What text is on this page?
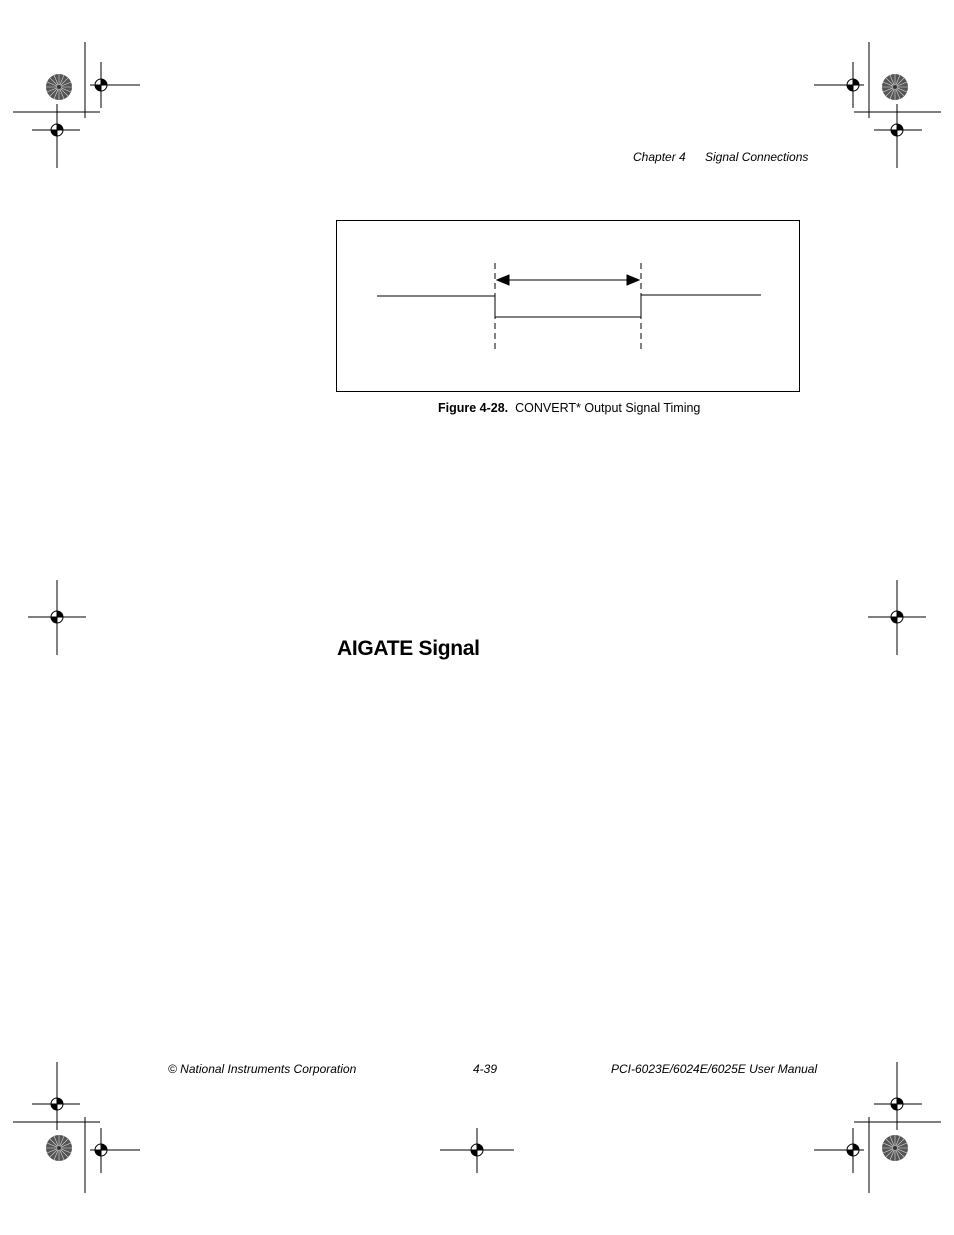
Chapter 4 Signal Connections
Figure 4-28. CONVERT* Output Signal Timing
AIGATE Signal
© National Instruments Corporation	4-39	PCI-6023E/6024E/6025E User Manual
